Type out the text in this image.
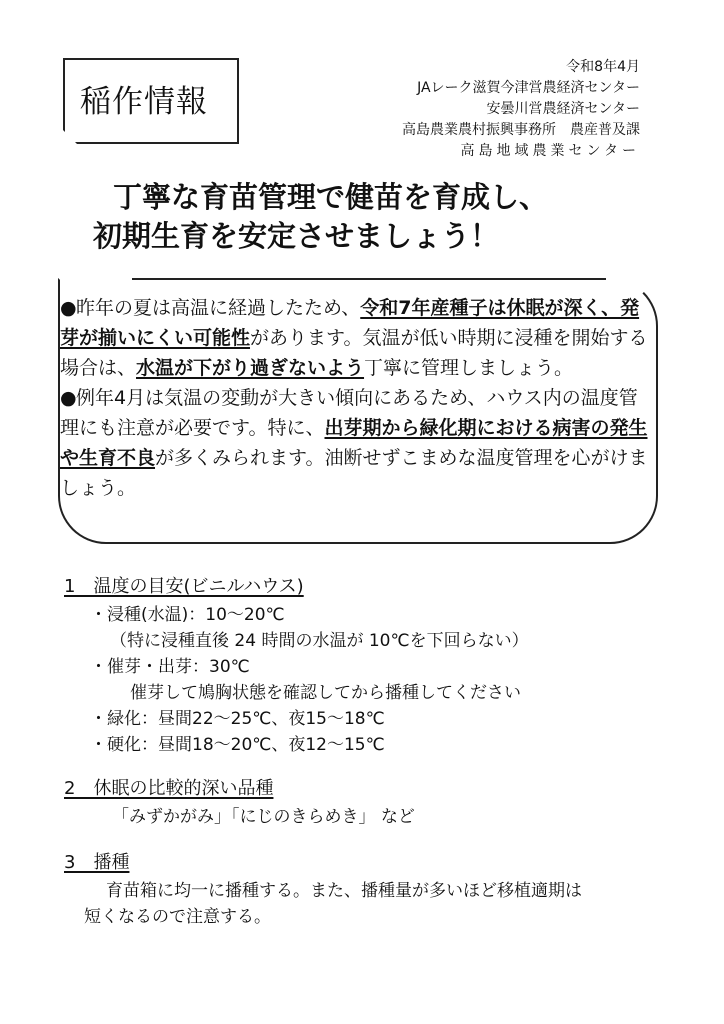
稲作情報
令和8年4月
JAレーク滋賀今津営農経済センター
安曇川営農経済センター
高島農業農村振興事務所　農産普及課
高島地域農業センター
丁寧な育苗管理で健苗を育成し、
初期生育を安定させましょう！

●昨年の夏は高温に経過したため、令和7年産種子は休眠が深く、発芽が揃いにくい可能性があります。気温が低い時期に浸種を開始する場合は、水温が下がり過ぎないよう丁寧に管理しましょう。

●例年4月は気温の変動が大きい傾向にあるため、ハウス内の温度管理にも注意が必要です。特に、出芽期から緑化期における病害の発生や生育不良が多くみられます。油断せずこまめな温度管理を心がけましょう。

1　温度の目安(ビニルハウス)
・浸種(水温)：10～20℃
（特に浸種直後 24 時間の水温が 10℃を下回らない）
・催芽・出芽：30℃
催芽して鳩胸状態を確認してから播種してください
・緑化：昼間22～25℃、夜15～18℃
・硬化：昼間18～20℃、夜12～15℃
2　休眠の比較的深い品種
「みずかがみ」「にじのきらめき」 など
3　播種
育苗箱に均一に播種する。また、播種量が多いほど移植適期は
短くなるので注意する。
